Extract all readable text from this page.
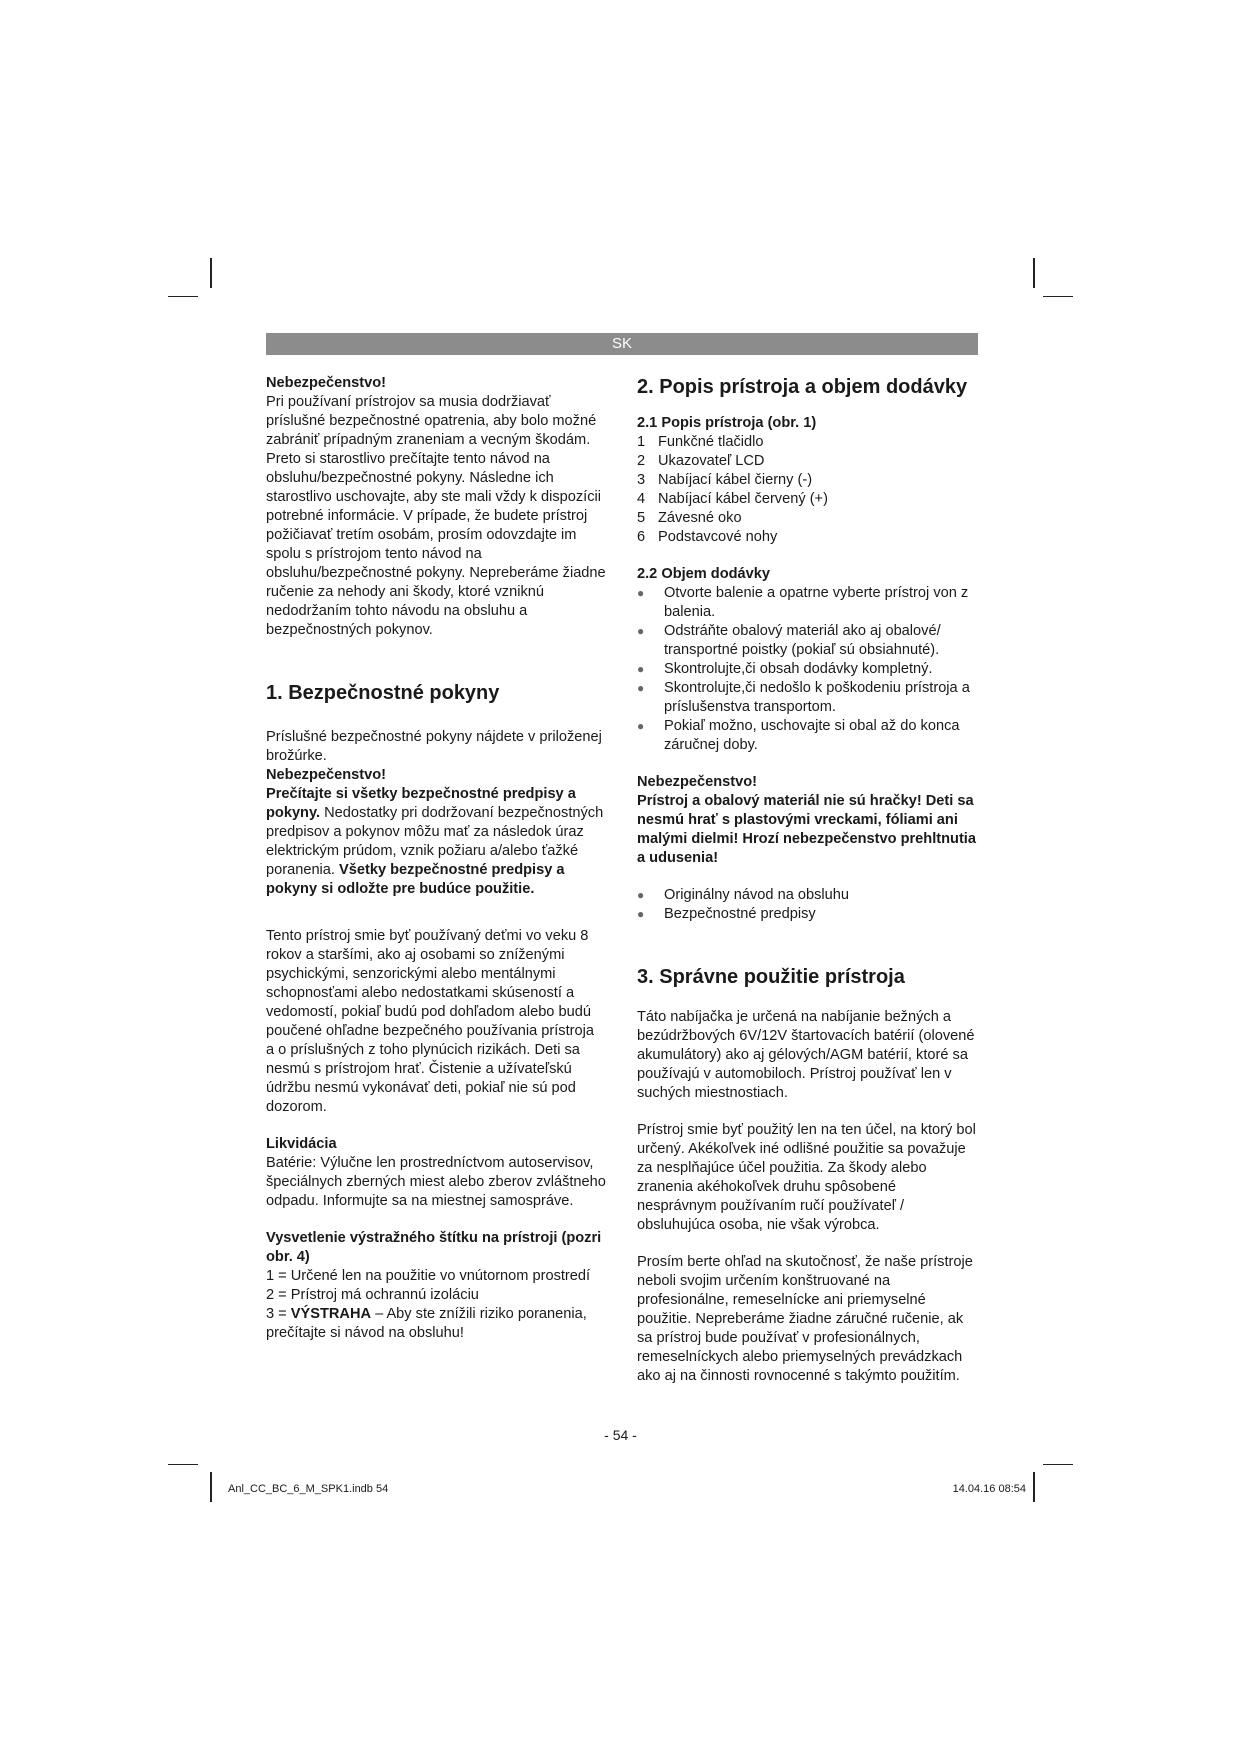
SK

Nebezpečenstvo!

Pri používaní prístrojov sa musia dodržiavať príslušné bezpečnostné opatrenia, aby bolo možné zabrániť prípadným zraneniam a vecným škodám. Preto si starostlivo prečítajte tento návod na obsluhu/bezpečnostné pokyny. Následne ich starostlivo uschovajte, aby ste mali vždy k dispozícii potrebné informácie. V prípade, že budete prístroj požičiavať tretím osobám, prosím odovzdajte im spolu s prístrojom tento návod na obsluhu/bezpečnostné pokyny. Nepreberáme žiadne ručenie za nehody ani škody, ktoré vzniknú nedodržaním tohto návodu na obsluhu a bezpečnostných pokynov.

1. Bezpečnostné pokyny

Príslušné bezpečnostné pokyny nájdete v priloženej brožúrke.

Nebezpečenstvo!

Prečítajte si všetky bezpečnostné predpisy a pokyny. Nedostatky pri dodržovaní bezpečnostných predpisov a pokynov môžu mať za následok úraz elektrickým prúdom, vznik požiaru a/alebo ťažké poranenia. Všetky bezpečnostné predpisy a pokyny si odložte pre budúce použitie.

Tento prístroj smie byť používaný deťmi vo veku 8 rokov a staršími, ako aj osobami so zníženými psychickými, senzorickými alebo mentálnymi schopnosťami alebo nedostatkami skúseností a vedomostí, pokiaľ budú pod dohľadom alebo budú poučené ohľadne bezpečného používania prístroja a o príslušných z toho plynúcich rizikách. Deti sa nesmú s prístrojom hrať. Čistenie a užívateľskú údržbu nesmú vykonávať deti, pokiaľ nie sú pod dozorom.

Likvidácia

Batérie: Výlučne len prostredníctvom autoservisov, špeciálnych zberných miest alebo zberov zvláštneho odpadu. Informujte sa na miestnej samospráve.

Vysvetlenie výstražného štítku na prístroji (pozri obr. 4)

1 = Určené len na použitie vo vnútornom prostredí

2 = Prístroj má ochrannú izoláciu

3 = VÝSTRAHA – Aby ste znížili riziko poranenia, prečítajte si návod na obsluhu!

2. Popis prístroja a objem dodávky

2.1 Popis prístroja (obr. 1)

1 Funkčné tlačidlo
2 Ukazovateľ LCD
3 Nabíjací kábel čierny (-)
4 Nabíjací kábel červený (+)
5 Závesné oko
6 Podstavcové nohy

2.2 Objem dodávky

●	Otvorte balenie a opatrne vyberte prístroj von z balenia.
●	Odstráňte obalový materiál ako aj obalové/ transportné poistky (pokiaľ sú obsiahnuté).
●	Skontrolujte,či obsah dodávky kompletný.
●	Skontrolujte,či nedošlo k poškodeniu prístroja a príslušenstva transportom.
●	Pokiaľ možno, uschovajte si obal až do konca záručnej doby.

Nebezpečenstvo!

Prístroj a obalový materiál nie sú hračky! Deti sa nesmú hrať s plastovými vreckami, fóliami ani malými dielmi! Hrozí nebezpečenstvo prehltnutia a udusenia!

●	Originálny návod na obsluhu
●	Bezpečnostné predpisy

3. Správne použitie prístroja

Táto nabíjačka je určená na nabíjanie bežných a bezúdržbových 6V/12V štartovacích batérií (olovené akumulátory) ako aj gélových/AGM batérií, ktoré sa používajú v automobiloch. Prístroj používať len v suchých miestnostiach.

Prístroj smie byť použitý len na ten účel, na ktorý bol určený. Akékoľvek iné odlišné použitie sa považuje za nesplňajúce účel použitia. Za škody alebo zranenia akéhokoľvek druhu spôsobené nesprávnym používaním ručí používateľ / obsluhujúca osoba, nie však výrobca.

Prosím berte ohľad na skutočnosť, že naše prístroje neboli svojim určením konštruované na profesionálne, remeselnícke ani priemyselné použitie. Nepreberáme žiadne záručné ručenie, ak sa prístroj bude používať v profesionálnych, remeselníckych alebo priemyselných prevádzkach ako aj na činnosti rovnocenné s takýmto použitím.

- 54 -
Anl_CC_BC_6_M_SPK1.indb 54	14.04.16 08:54
